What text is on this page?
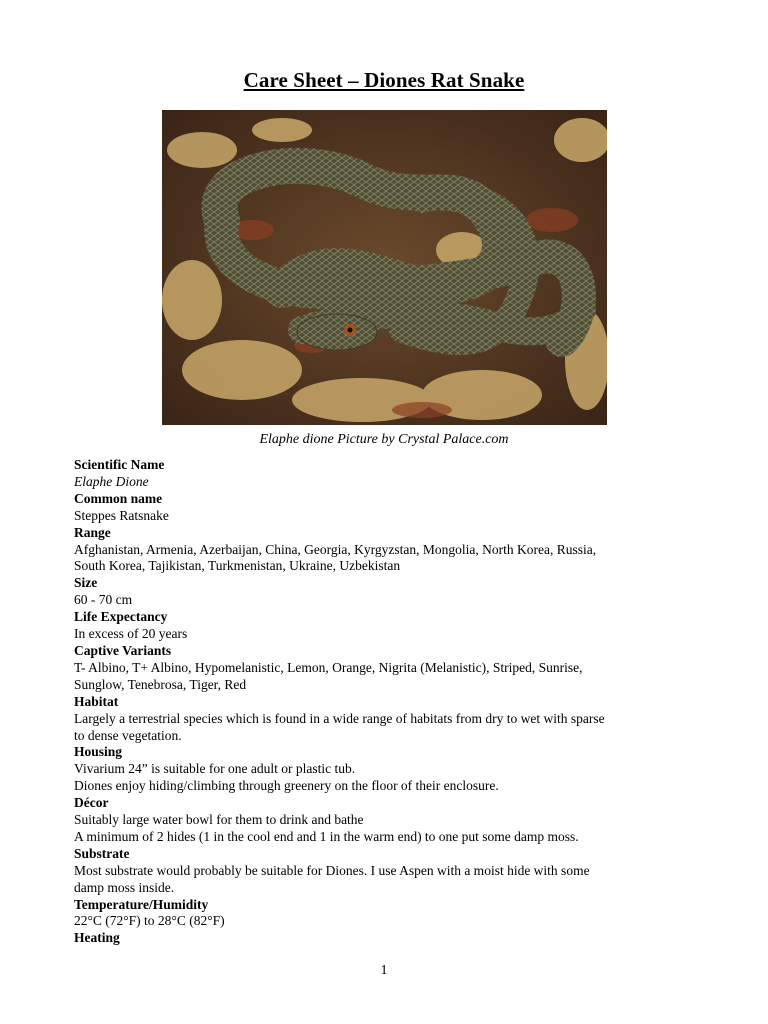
Care Sheet – Diones Rat Snake
Elaphe dione Picture by Crystal Palace.com
Scientific Name
Elaphe Dione
Common name
Steppes Ratsnake
Range
Afghanistan, Armenia, Azerbaijan, China, Georgia, Kyrgyzstan, Mongolia, North Korea, Russia,
South Korea, Tajikistan, Turkmenistan, Ukraine, Uzbekistan
Size
60 - 70 cm
Life Expectancy
In excess of 20 years
Captive Variants
T- Albino, T+ Albino, Hypomelanistic, Lemon, Orange, Nigrita (Melanistic), Striped, Sunrise,
Sunglow, Tenebrosa, Tiger, Red
Habitat
Largely a terrestrial species which is found in a wide range of habitats from dry to wet with sparse
to dense vegetation.
Housing
Vivarium 24” is suitable for one adult or plastic tub.
Diones enjoy hiding/climbing through greenery on the floor of their enclosure.
Décor
Suitably large water bowl for them to drink and bathe
A minimum of 2 hides (1 in the cool end and 1 in the warm end) to one put some damp moss.
Substrate
Most substrate would probably be suitable for Diones. I use Aspen with a moist hide with some
damp moss inside.
Temperature/Humidity
22°C (72°F) to 28°C (82°F)
Heating
1
